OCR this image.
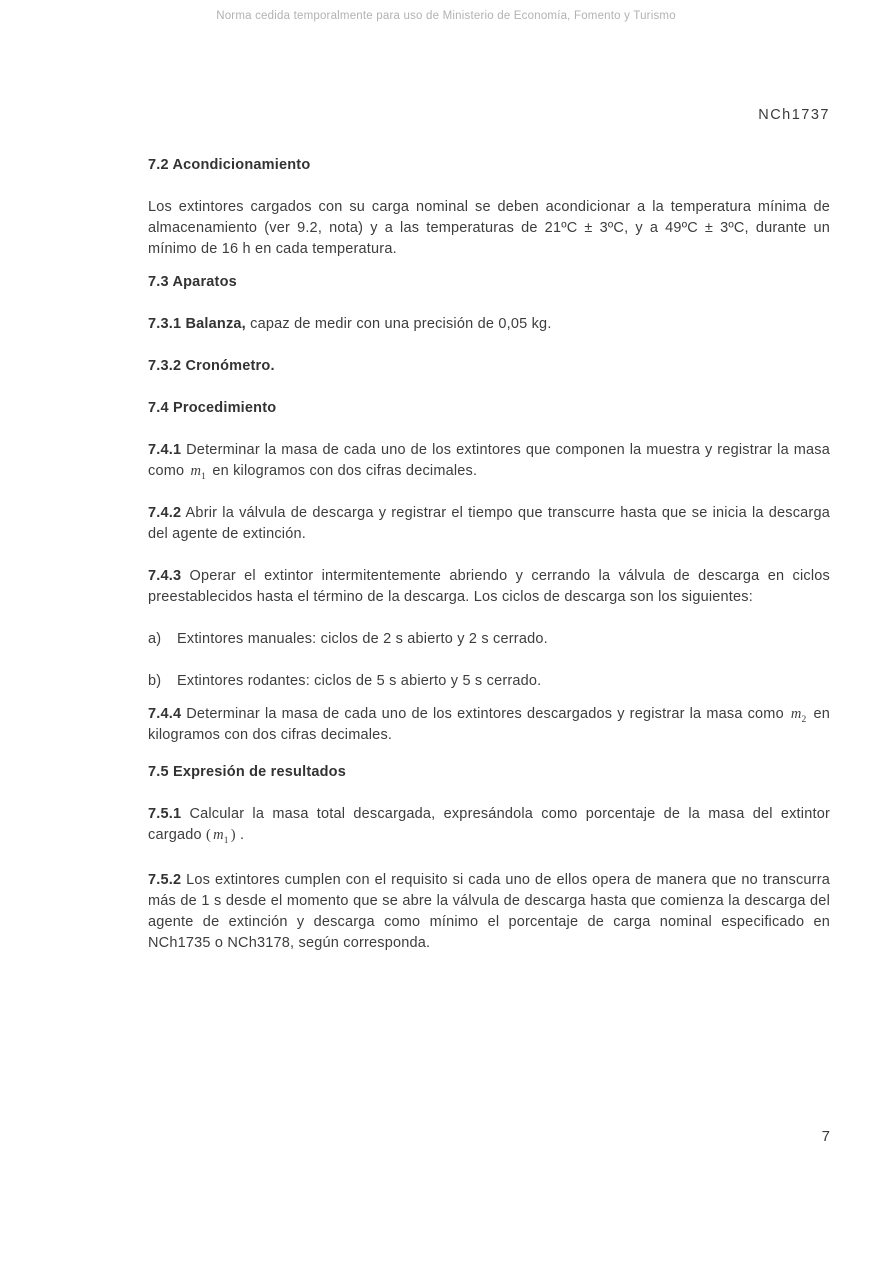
Norma cedida temporalmente para uso de Ministerio de Economía, Fomento y Turismo
NCh1737
7.2 Acondicionamiento

Los extintores cargados con su carga nominal se deben acondicionar a la temperatura mínima de almacenamiento (ver 9.2, nota) y a las temperaturas de 21ºC ± 3ºC, y a 49ºC ± 3ºC, durante un mínimo de 16 h en cada temperatura.

7.3 Aparatos

7.3.1 Balanza, capaz de medir con una precisión de 0,05 kg.

7.3.2 Cronómetro.

7.4 Procedimiento

7.4.1 Determinar la masa de cada uno de los extintores que componen la muestra y registrar la masa como $m_1$ en kilogramos con dos cifras decimales.

7.4.2 Abrir la válvula de descarga y registrar el tiempo que transcurre hasta que se inicia la descarga del agente de extinción.

7.4.3 Operar el extintor intermitentemente abriendo y cerrando la válvula de descarga en ciclos preestablecidos hasta el término de la descarga. Los ciclos de descarga son los siguientes:

a)	Extintores manuales: ciclos de 2 s abierto y 2 s cerrado.
b)	Extintores rodantes: ciclos de 5 s abierto y 5 s cerrado.

7.4.4 Determinar la masa de cada uno de los extintores descargados y registrar la masa como $m_2$ en kilogramos con dos cifras decimales.

7.5 Expresión de resultados

7.5.1 Calcular la masa total descargada, expresándola como porcentaje de la masa del extintor cargado ( $m_1$ ) .

7.5.2 Los extintores cumplen con el requisito si cada uno de ellos opera de manera que no transcurra más de 1 s desde el momento que se abre la válvula de descarga hasta que comienza la descarga del agente de extinción y descarga como mínimo el porcentaje de carga nominal especificado en NCh1735 o NCh3178, según corresponda.

7
